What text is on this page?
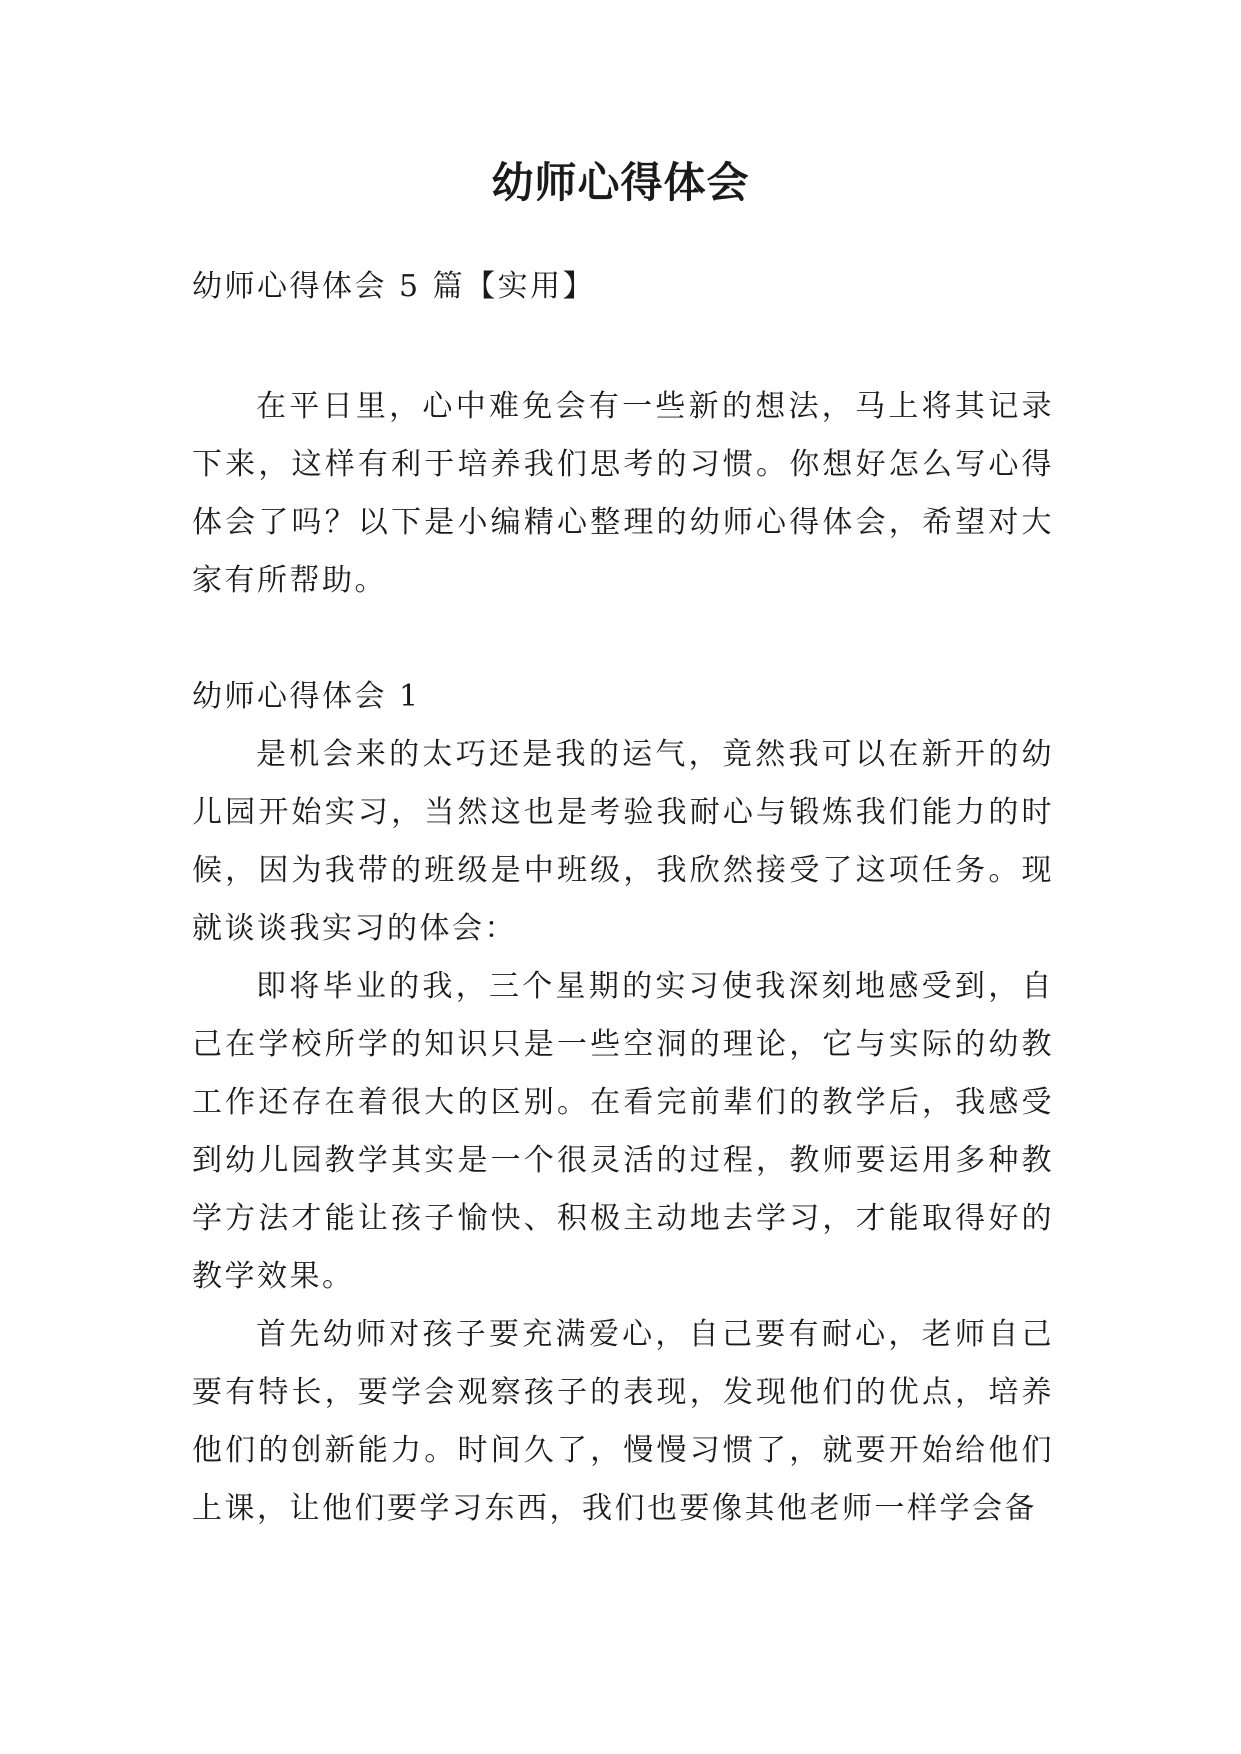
幼师心得体会

幼师心得体会 5 篇【实用】

在平日里，心中难免会有一些新的想法，马上将其记录下来，这样有利于培养我们思考的习惯。你想好怎么写心得体会了吗？以下是小编精心整理的幼师心得体会，希望对大家有所帮助。

幼师心得体会 1

是机会来的太巧还是我的运气，竟然我可以在新开的幼儿园开始实习，当然这也是考验我耐心与锻炼我们能力的时候，因为我带的班级是中班级，我欣然接受了这项任务。现就谈谈我实习的体会：

即将毕业的我，三个星期的实习使我深刻地感受到，自己在学校所学的知识只是一些空洞的理论，它与实际的幼教工作还存在着很大的区别。在看完前辈们的教学后，我感受到幼儿园教学其实是一个很灵活的过程，教师要运用多种教学方法才能让孩子愉快、积极主动地去学习，才能取得好的教学效果。

首先幼师对孩子要充满爱心，自己要有耐心，老师自己要有特长，要学会观察孩子的表现，发现他们的优点，培养他们的创新能力。时间久了，慢慢习惯了，就要开始给他们上课，让他们要学习东西，我们也要像其他老师一样学会备
